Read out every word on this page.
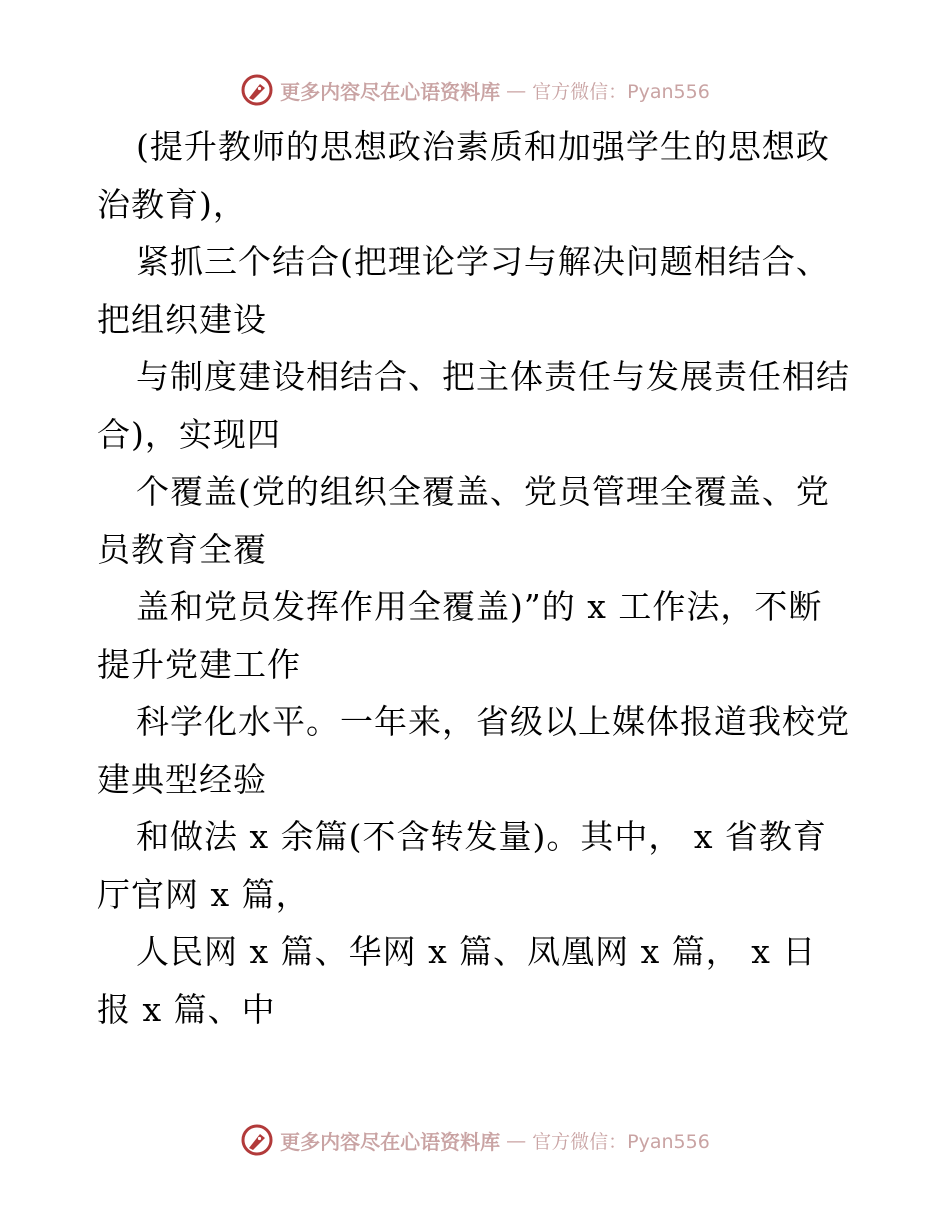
更多内容尽在心语资料库 — 官方微信：Pyan556
(提升教师的思想政治素质和加强学生的思想政
治教育)，
紧抓三个结合(把理论学习与解决问题相结合、
把组织建设
与制度建设相结合、把主体责任与发展责任相结
合)，实现四
个覆盖(党的组织全覆盖、党员管理全覆盖、党
员教育全覆
盖和党员发挥作用全覆盖)”的 x 工作法，不断
提升党建工作
科学化水平。一年来，省级以上媒体报道我校党
建典型经验
和做法 x 余篇(不含转发量)。其中， x 省教育
厅官网 x 篇，
人民网 x 篇、华网 x 篇、凤凰网 x 篇， x 日
报 x 篇、中
更多内容尽在心语资料库 — 官方微信：Pyan556
